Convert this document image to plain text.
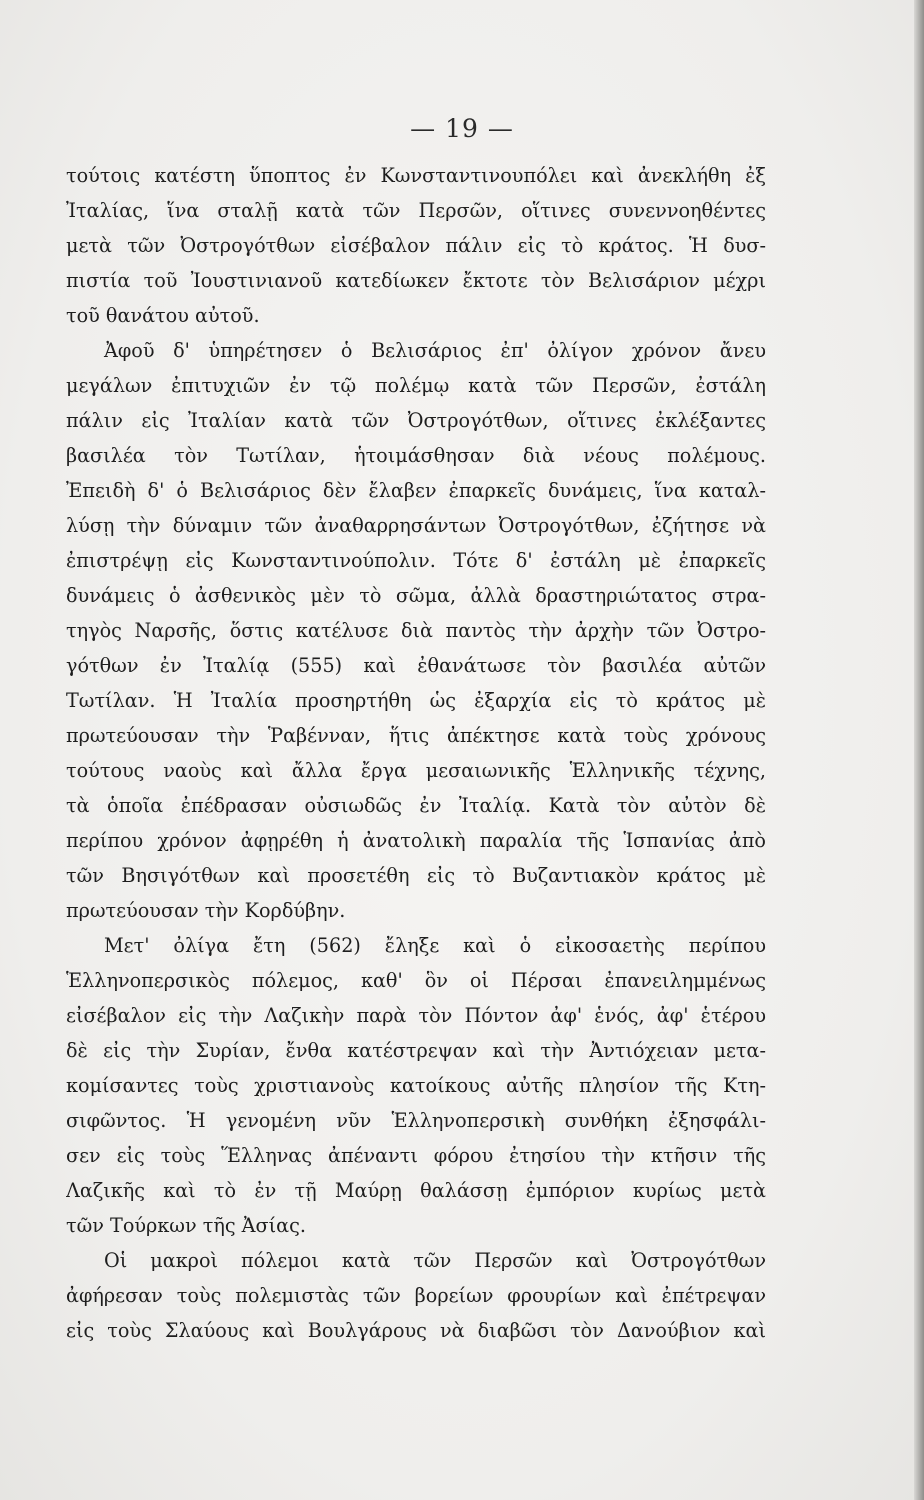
— 19 —
τούτοις κατέστη ὕποπτος ἐν Κωνσταντινουπόλει καὶ ἀνεκλήθη ἐξ
Ἰταλίας, ἵνα σταλῇ κατὰ τῶν Περσῶν, οἵτινες συνεννοηθέντες
μετὰ τῶν Ὀστρογότθων εἰσέβαλον πάλιν εἰς τὸ κράτος. Ἡ δυσ-
πιστία τοῦ Ἰουστινιανοῦ κατεδίωκεν ἔκτοτε τὸν Βελισάριον μέχρι
τοῦ θανάτου αὐτοῦ.
Ἀφοῦ δ' ὑπηρέτησεν ὁ Βελισάριος ἐπ' ὀλίγον χρόνον ἄνευ
μεγάλων ἐπιτυχιῶν ἐν τῷ πολέμῳ κατὰ τῶν Περσῶν, ἐστάλη
πάλιν εἰς Ἰταλίαν κατὰ τῶν Ὀστρογότθων, οἵτινες ἐκλέξαντες
βασιλέα τὸν Τωτίλαν, ἡτοιμάσθησαν διὰ νέους πολέμους.
Ἐπειδὴ δ' ὁ Βελισάριος δὲν ἔλαβεν ἐπαρκεῖς δυνάμεις, ἵνα καταλ-
λύσῃ τὴν δύναμιν τῶν ἀναθαρρησάντων Ὀστρογότθων, ἐζήτησε νὰ
ἐπιστρέψῃ εἰς Κωνσταντινούπολιν. Τότε δ' ἐστάλη μὲ ἐπαρκεῖς
δυνάμεις ὁ ἀσθενικὸς μὲν τὸ σῶμα, ἀλλὰ δραστηριώτατος στρα-
τηγὸς Ναρσῆς, ὅστις κατέλυσε διὰ παντὸς τὴν ἀρχὴν τῶν Ὀστρο-
γότθων ἐν Ἰταλίᾳ (555) καὶ ἐθανάτωσε τὸν βασιλέα αὐτῶν
Τωτίλαν. Ἡ Ἰταλία προσηρτήθη ὡς ἐξαρχία εἰς τὸ κράτος μὲ
πρωτεύουσαν τὴν Ῥαβένναν, ἥτις ἀπέκτησε κατὰ τοὺς χρόνους
τούτους ναοὺς καὶ ἄλλα ἔργα μεσαιωνικῆς Ἑλληνικῆς τέχνης,
τὰ ὁποῖα ἐπέδρασαν οὐσιωδῶς ἐν Ἰταλίᾳ. Κατὰ τὸν αὐτὸν δὲ
περίπου χρόνον ἀφῃρέθη ἡ ἀνατολικὴ παραλία τῆς Ἱσπανίας ἀπὸ
τῶν Βησιγότθων καὶ προσετέθη εἰς τὸ Βυζαντιακὸν κράτος μὲ
πρωτεύουσαν τὴν Κορδύβην.
Μετ' ὀλίγα ἔτη (562) ἔληξε καὶ ὁ εἰκοσαετὴς περίπου
Ἑλληνοπερσικὸς πόλεμος, καθ' ὃν οἱ Πέρσαι ἐπανειλημμένως
εἰσέβαλον εἰς τὴν Λαζικὴν παρὰ τὸν Πόντον ἀφ' ἑνός, ἀφ' ἑτέρου
δὲ εἰς τὴν Συρίαν, ἔνθα κατέστρεψαν καὶ τὴν Ἀντιόχειαν μετα-
κομίσαντες τοὺς χριστιανοὺς κατοίκους αὐτῆς πλησίον τῆς Κτη-
σιφῶντος. Ἡ γενομένη νῦν Ἑλληνοπερσικὴ συνθήκη ἐξησφάλι-
σεν εἰς τοὺς Ἕλληνας ἀπέναντι φόρου ἐτησίου τὴν κτῆσιν τῆς
Λαζικῆς καὶ τὸ ἐν τῇ Μαύρῃ θαλάσσῃ ἐμπόριον κυρίως μετὰ
τῶν Τούρκων τῆς Ἀσίας.
Οἱ μακροὶ πόλεμοι κατὰ τῶν Περσῶν καὶ Ὀστρογότθων
ἀφήρεσαν τοὺς πολεμιστὰς τῶν βορείων φρουρίων καὶ ἐπέτρεψαν
εἰς τοὺς Σλαύους καὶ Βουλγάρους νὰ διαβῶσι τὸν Δανούβιον καὶ
